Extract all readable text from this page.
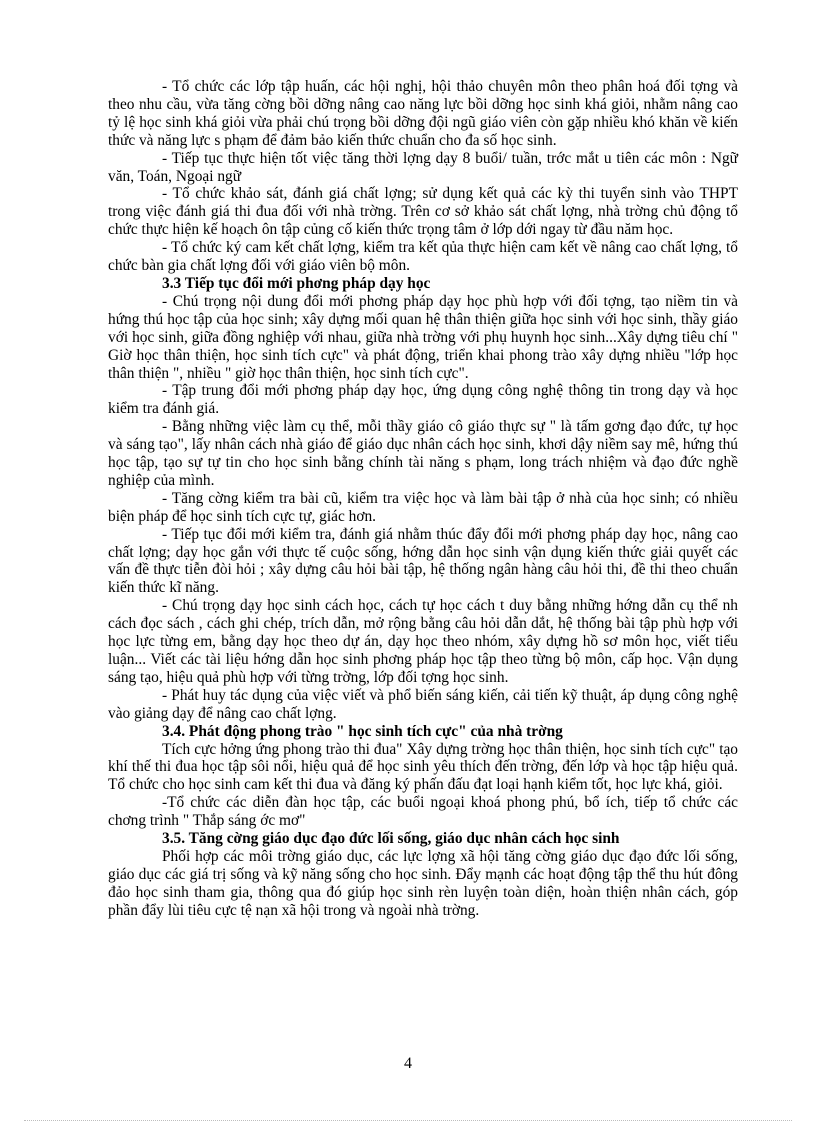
- Tổ chức các lớp tập huấn, các hội nghị, hội thảo chuyên môn theo phân hoá đối tợng và theo nhu cầu, vừa tăng cờng bồi dỡng nâng cao năng lực bồi dỡng học sinh khá giỏi, nhằm nâng cao tỷ lệ học sinh khá giỏi vừa phải chú trọng bồi dỡng đội ngũ giáo viên còn gặp nhiều khó khăn về kiến thức và năng lực s phạm để đảm bảo kiến thức chuẩn cho đa số học sinh.

- Tiếp tục thực hiện tốt việc tăng thời lợng dạy 8 buổi/ tuần, trớc mắt u tiên các môn : Ngữ văn, Toán, Ngoại ngữ

- Tổ chức khảo sát, đánh giá chất lợng; sử dụng kết quả các kỳ thi tuyển sinh vào THPT trong việc đánh giá thi đua đối với nhà trờng. Trên cơ sở khảo sát chất lợng, nhà trờng chủ động tổ chức thực hiện kế hoạch ôn tập củng cố kiến thức trọng tâm ở lớp dới ngay từ đầu năm học.

- Tổ chức ký cam kết chất lợng, kiểm tra kết qủa thực hiện cam kết về nâng cao chất lợng, tổ chức bàn gia chất lợng đối với giáo viên bộ môn.

3.3 Tiếp tục đổi mới phơng pháp dạy học

- Chú trọng nội dung đổi mới phơng pháp dạy học phù hợp với đối tợng, tạo niềm tin và hứng thú học tập của học sinh; xây dựng mối quan hệ thân thiện giữa học sinh với học sinh, thầy giáo với học sinh, giữa đồng nghiệp với nhau, giữa nhà trờng với phụ huynh học sinh...Xây dựng tiêu chí " Giờ học thân thiện, học sinh tích cực" và phát động, triển khai phong trào xây dựng nhiều "lớp học thân thiện ", nhiều " giờ học thân thiện, học sinh tích cực".

- Tập trung đổi mới phơng pháp dạy học, ứng dụng công nghệ thông tin trong dạy và học kiểm tra đánh giá.

- Bằng những việc làm cụ thể, mỗi thầy giáo cô giáo thực sự " là tấm gơng đạo đức, tự học và sáng tạo", lấy nhân cách nhà giáo để giáo dục nhân cách học sinh, khơi dậy niềm say mê, hứng thú học tập, tạo sự tự tin cho học sinh bằng chính tài năng s phạm, long trách nhiệm và đạo đức nghề nghiệp của mình.

- Tăng cờng kiểm tra bài cũ, kiểm tra việc học và làm bài tập ở nhà của học sinh; có nhiều biện pháp để học sinh tích cực tự, giác hơn.

- Tiếp tục đổi mới kiểm tra, đánh giá nhằm thúc đẩy đổi mới phơng pháp dạy học, nâng cao chất lợng; dạy học gắn với thực tế cuộc sống, hớng dẫn học sinh vận dụng kiến thức giải quyết các vấn đề thực tiễn đòi hỏi ; xây dựng câu hỏi bài tập, hệ thống ngân hàng câu hỏi thi, đề thi theo chuẩn kiến thức kĩ năng.

- Chú trọng dạy học sinh cách học, cách tự học cách t duy bằng những hớng dẫn cụ thể nh cách đọc sách , cách ghi chép, trích dẫn, mở rộng bằng câu hỏi dẫn dắt, hệ thống bài tập phù hợp với học lực từng em, bằng dạy học theo dự án, dạy học theo nhóm, xây dựng hồ sơ môn học, viết tiểu luận... Viết các tài liệu hớng dẫn học sinh phơng pháp học tập theo từng bộ môn, cấp học. Vận dụng sáng tạo, hiệu quả phù hợp với từng trờng, lớp đối tợng học sinh.

- Phát huy tác dụng của việc viết và phổ biến sáng kiến, cải tiến kỹ thuật, áp dụng công nghệ vào giảng dạy để nâng cao chất lợng.

3.4. Phát động phong trào " học sinh tích cực" của nhà trờng

Tích cực hởng ứng phong trào thi đua" Xây dựng trờng học thân thiện, học sinh tích cực" tạo khí thế thi đua học tập sôi nổi, hiệu quả để học sinh yêu thích đến trờng, đến lớp và học tập hiệu quả. Tổ chức cho học sinh cam kết thi đua và đăng ký phấn đấu đạt loại hạnh kiểm tốt, học lực khá, giỏi.

-Tổ chức các diễn đàn học tập, các buổi ngoại khoá phong phú, bổ ích, tiếp tổ chức các chơng trình " Thắp sáng ớc mơ"

3.5. Tăng cờng giáo dục đạo đức lối sống, giáo dục nhân cách học sinh

Phối hợp các môi trờng giáo dục, các lực lợng xã hội tăng cờng giáo dục đạo đức lối sống, giáo dục các giá trị sống và kỹ năng sống cho học sinh. Đẩy mạnh các hoạt động tập thể thu hút đông đảo học sinh tham gia, thông qua đó giúp học sinh rèn luyện toàn diện, hoàn thiện nhân cách, góp phần đẩy lùi tiêu cực tệ nạn xã hội trong và ngoài nhà trờng.

4
